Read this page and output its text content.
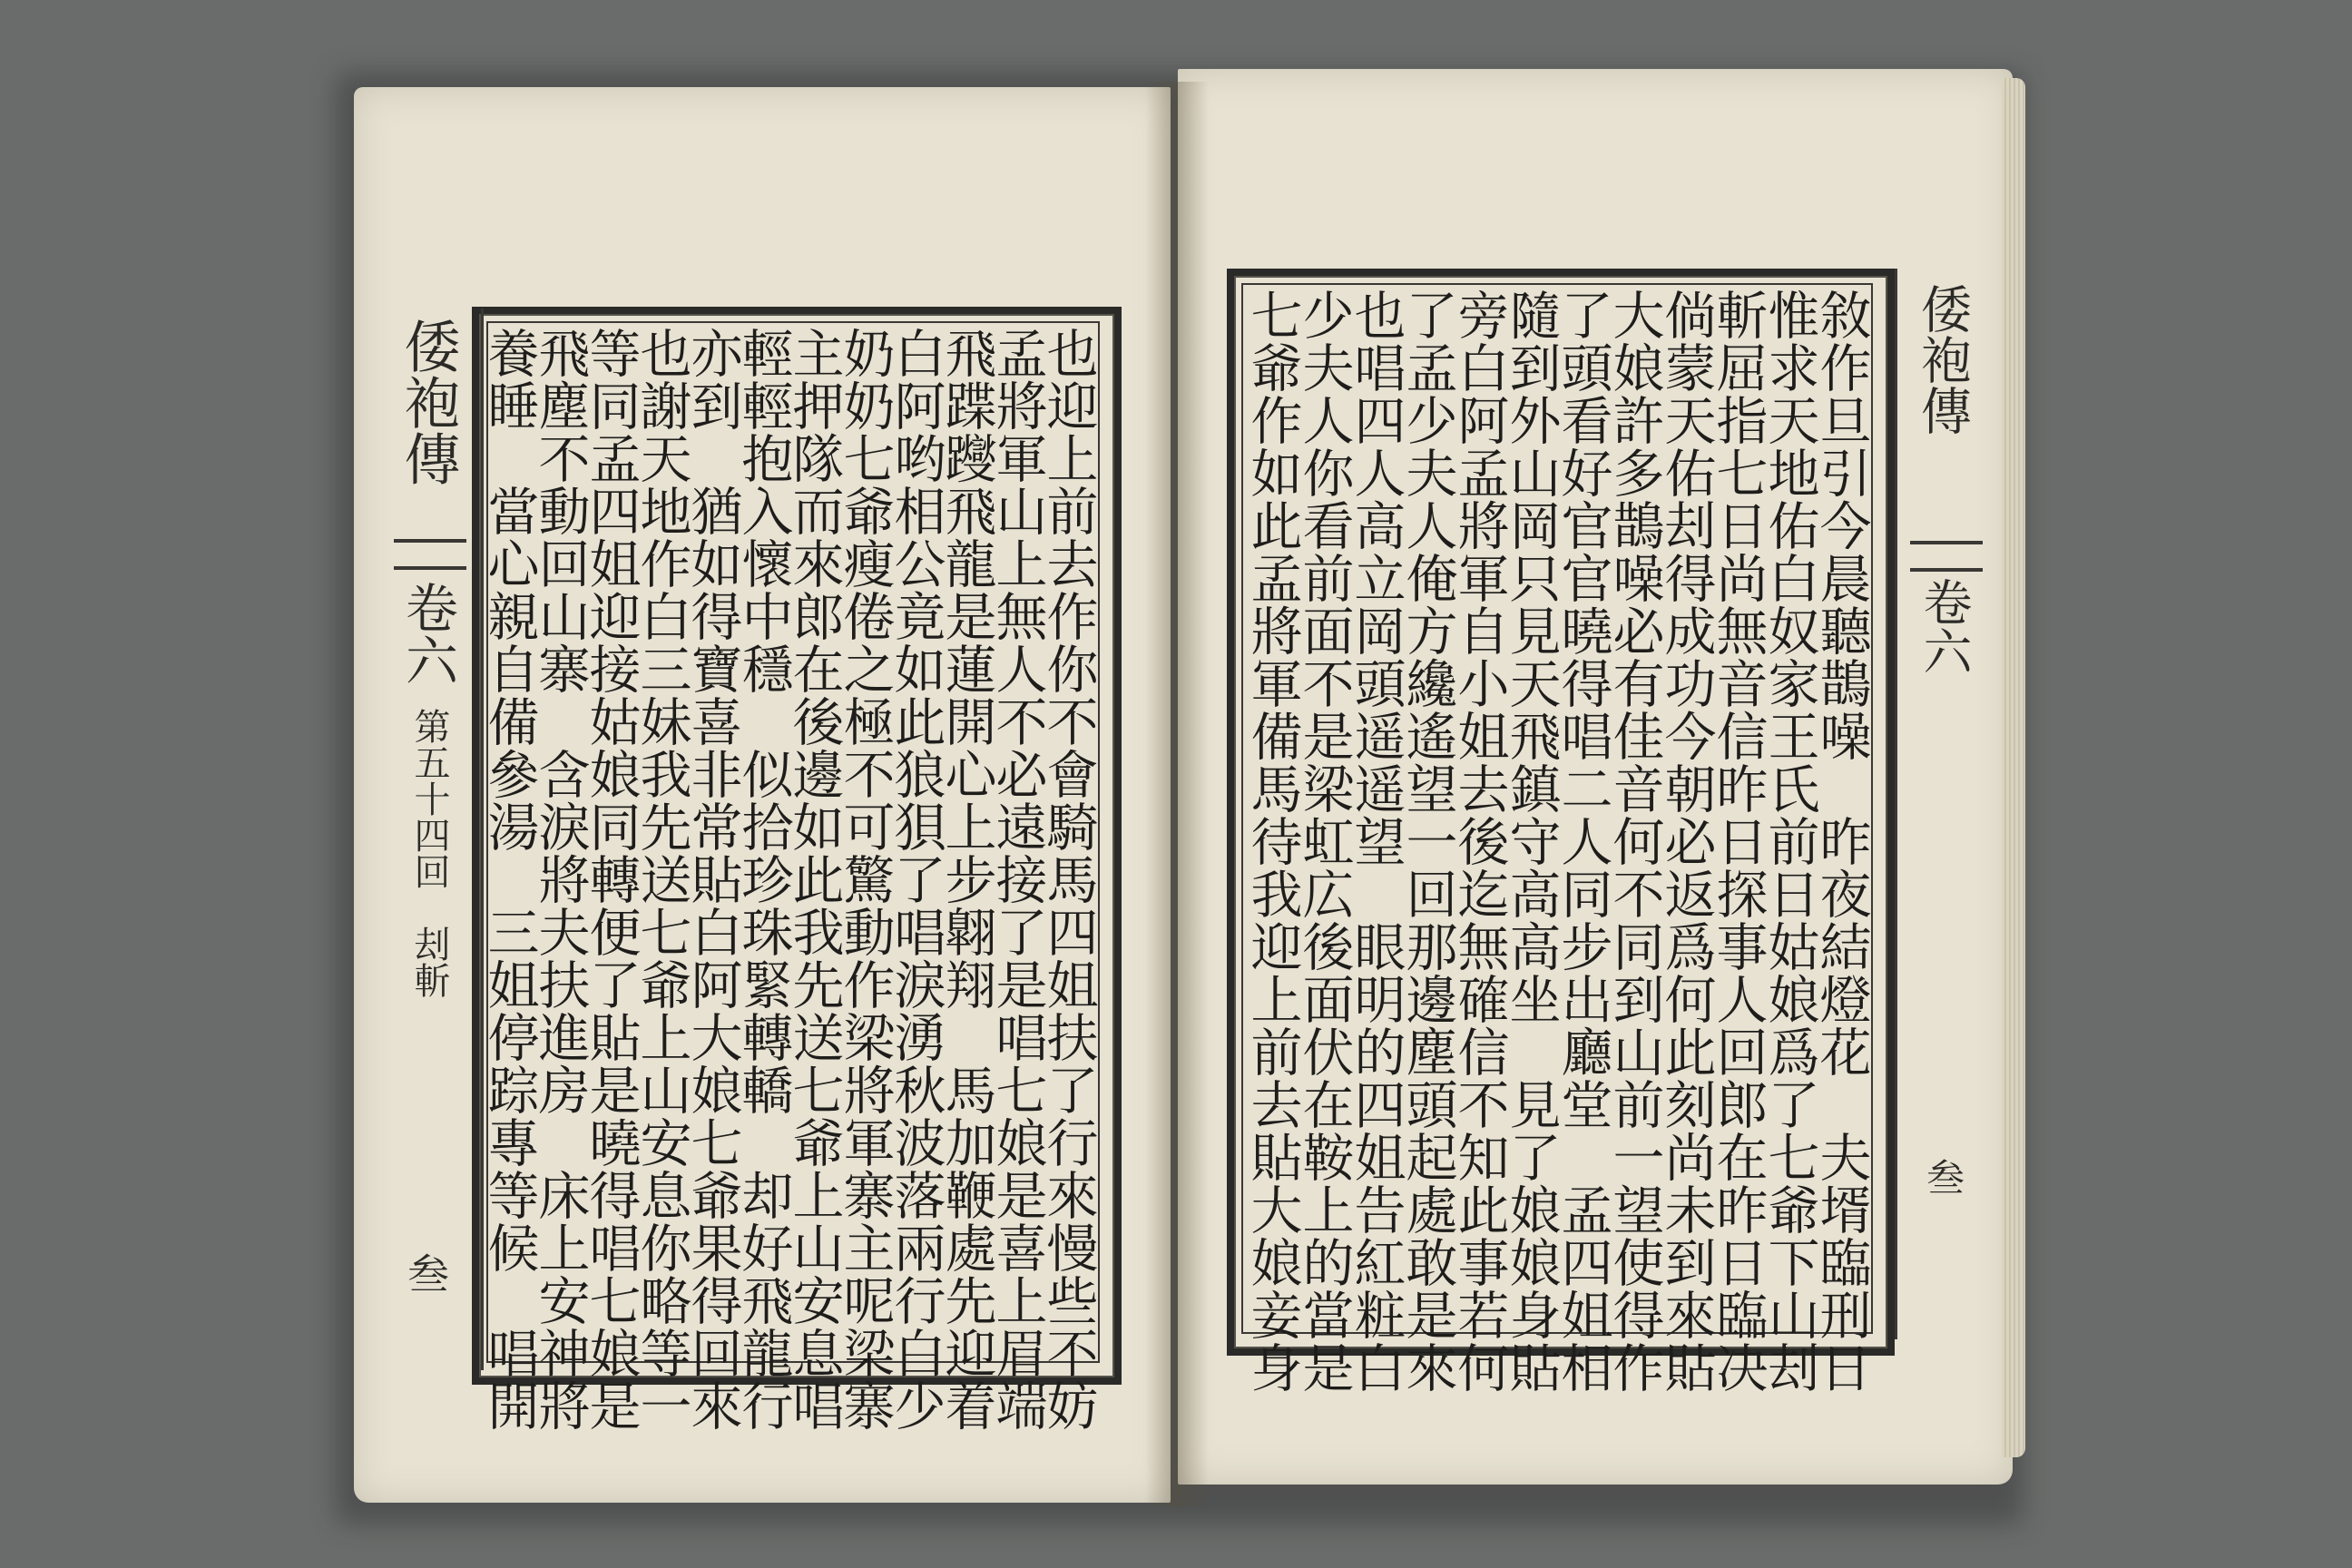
倭袍傳
卷六
第五十四回　刦斬
叁	也迎上前去作你不會騎馬四姐扶了行來慢些不妨
孟將軍山上無人不必遠接了是唱七娘是喜上眉端
飛蹀躞飛龍是蓮開心上步翺翔　馬加鞭處先迎着
白阿哟相公竟如此狼狽了唱淚湧秋波落兩行白少
奶奶七爺瘦倦之極不可驚動作梁將軍寨主呢梁寨
主押隊而來郎在後邊如此我先送七爺上山安息唱
輕輕抱入懷中穩　似拾珍珠緊轉轎　却好飛龍行
亦到　猶如得寶喜非常貼白阿大娘七爺果得回來
也謝天地作白三妹我先送七爺上山安息你略等一
等同孟四姐迎接姑娘同轉便了貼是曉得唱七娘是
飛塵不動回山寨　含淚將夫扶進房　床上安神將
養睡　當心親自備參湯　三姐停踪專等候　唱開	敘作旦引今晨聽鵲噪　昨夜結燈花　夫壻臨刑日
惟求天地佑白奴家王氏前日姑娘爲了七爺下山刦
斬屈指七日尚無音信昨日探事人回郎在昨日臨决
倘蒙天佑刦得成功今朝必返爲何此刻尚未到來貼
大娘許多鵲噪必有佳音何不同到山前一望使得作
了頭看好官官曉得唱二人同步出廳堂　孟四姐相
隨到外山岡只見天飛鎮守高高坐　見了娘娘身貼
旁白阿孟將軍自小姐去後迄無確信不知此事若何
了孟少夫人俺方纔遙望一回那邊塵頭起處敢是來
也唱四人高立岡頭遥遥望　眼明的四姐告紅粧白
少夫人你看前面不是梁虹広後面伏在鞍上的當是
七爺作如此孟將軍備馬待我迎上前去貼大娘妾身	倭袍傳
卷六
叁
